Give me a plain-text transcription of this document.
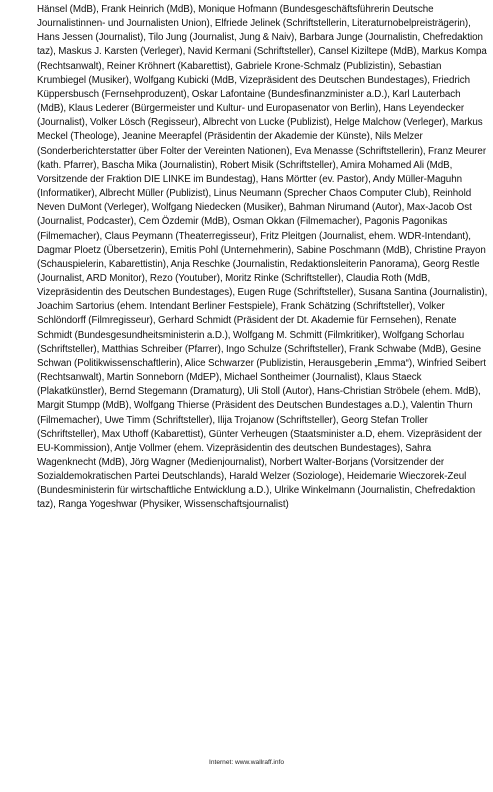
Hänsel (MdB), Frank Heinrich (MdB), Monique Hofmann (Bundesgeschäftsführerin Deutsche Journalistinnen- und Journalisten Union), Elfriede Jelinek (Schriftstellerin, Literaturnobelpreisträgerin), Hans Jessen (Journalist), Tilo Jung (Journalist, Jung & Naiv), Barbara Junge (Journalistin, Chefredaktion taz), Maskus J. Karsten (Verleger), Navid Kermani (Schriftsteller), Cansel Kiziltepe (MdB), Markus Kompa (Rechtsanwalt), Reiner Kröhnert (Kabarettist), Gabriele Krone-Schmalz (Publizistin), Sebastian Krumbiegel (Musiker), Wolfgang Kubicki (MdB, Vizepräsident des Deutschen Bundestages), Friedrich Küppersbusch (Fernsehproduzent), Oskar Lafontaine (Bundesfinanzminister a.D.), Karl Lauterbach (MdB), Klaus Lederer (Bürgermeister und Kultur- und Europasenator von Berlin), Hans Leyendecker (Journalist), Volker Lösch (Regisseur), Albrecht von Lucke (Publizist), Helge Malchow (Verleger), Markus Meckel (Theologe), Jeanine Meerapfel (Präsidentin der Akademie der Künste), Nils Melzer (Sonderberichterstatter über Folter der Vereinten Nationen), Eva Menasse (Schriftstellerin), Franz Meurer (kath. Pfarrer), Bascha Mika (Journalistin), Robert Misik (Schriftsteller), Amira Mohamed Ali (MdB, Vorsitzende der Fraktion DIE LINKE im Bundestag), Hans Mörtter (ev. Pastor), Andy Müller-Maguhn (Informatiker), Albrecht Müller (Publizist), Linus Neumann (Sprecher Chaos Computer Club), Reinhold Neven DuMont (Verleger), Wolfgang Niedecken (Musiker), Bahman Nirumand (Autor), Max-Jacob Ost (Journalist, Podcaster), Cem Özdemir (MdB), Osman Okkan (Filmemacher), Pagonis Pagonikas (Filmemacher), Claus Peymann (Theaterregisseur), Fritz Pleitgen (Journalist, ehem. WDR-Intendant), Dagmar Ploetz (Übersetzerin), Emitis Pohl (Unternehmerin), Sabine Poschmann (MdB), Christine Prayon (Schauspielerin, Kabarettistin), Anja Reschke (Journalistin, Redaktionsleiterin Panorama), Georg Restle (Journalist, ARD Monitor), Rezo (Youtuber), Moritz Rinke (Schriftsteller), Claudia Roth (MdB, Vizepräsidentin des Deutschen Bundestages), Eugen Ruge (Schriftsteller), Susana Santina (Journalistin), Joachim Sartorius (ehem. Intendant Berliner Festspiele), Frank Schätzing (Schriftsteller), Volker Schlöndorff (Filmregisseur), Gerhard Schmidt (Präsident der Dt. Akademie für Fernsehen), Renate Schmidt (Bundesgesundheitsministerin a.D.), Wolfgang M. Schmitt (Filmkritiker), Wolfgang Schorlau (Schriftsteller), Matthias Schreiber (Pfarrer), Ingo Schulze (Schriftsteller), Frank Schwabe (MdB), Gesine Schwan (Politikwissenschaftlerin), Alice Schwarzer (Publizistin, Herausgeberin „Emma“), Winfried Seibert (Rechtsanwalt), Martin Sonneborn (MdEP), Michael Sontheimer (Journalist), Klaus Staeck (Plakatkünstler), Bernd Stegemann (Dramaturg), Uli Stoll (Autor), Hans-Christian Ströbele (ehem. MdB), Margit Stumpp (MdB), Wolfgang Thierse (Präsident des Deutschen Bundestages a.D.), Valentin Thurn (Filmemacher), Uwe Timm (Schriftsteller), Ilija Trojanow (Schriftsteller), Georg Stefan Troller (Schriftsteller), Max Uthoff (Kabarettist), Günter Verheugen (Staatsminister a.D, ehem. Vizepräsident der EU-Kommission), Antje Vollmer (ehem. Vizepräsidentin des deutschen Bundestages), Sahra Wagenknecht (MdB), Jörg Wagner (Medienjournalist), Norbert Walter-Borjans (Vorsitzender der Sozialdemokratischen Partei Deutschlands), Harald Welzer (Soziologe), Heidemarie Wieczorek-Zeul (Bundesministerin für wirtschaftliche Entwicklung a.D.), Ulrike Winkelmann (Journalistin, Chefredaktion taz), Ranga Yogeshwar (Physiker, Wissenschaftsjournalist)

Internet: www.wallraff.info
